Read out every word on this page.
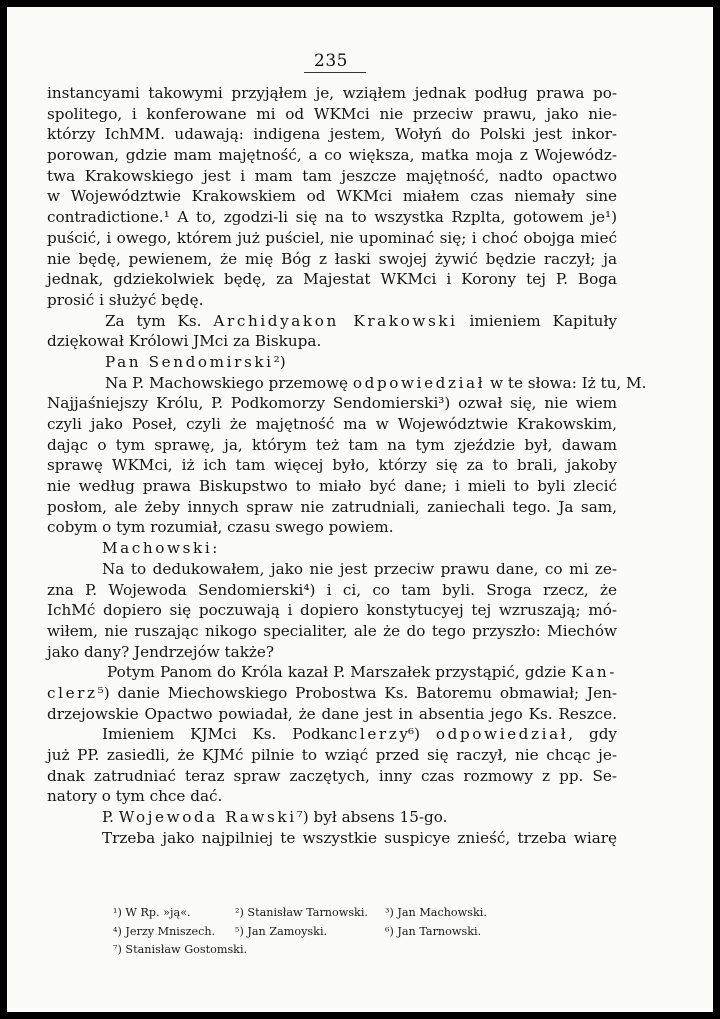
235
instancyami takowymi przyjąłem je, wziąłem jednak podług prawa po-
spolitego, i konferowane mi od WKMci nie przeciw prawu, jako nie-
którzy IchMM. udawają: indigena jestem, Wołyń do Polski jest inkor-
porowan, gdzie mam majętność, a co większa, matka moja z Wojewódz-
twa Krakowskiego jest i mam tam jeszcze majętność, nadto opactwo
w Województwie Krakowskiem od WKMci miałem czas niemały sine
contradictione.¹ A to, zgodzi-li się na to wszystka Rzplta, gotowem je¹)
puścić, i owego, którem już puściel, nie upominać się; i choć obojga mieć
nie będę, pewienem, że mię Bóg z łaski swojej żywić będzie raczył; ja
jednak, gdziekolwiek będę, za Majestat WKMci i Korony tej P. Boga
prosić i służyć będę.
Za tym Ks. Archidyakon Krakowski imieniem Kapituły
dziękował Królowi JMci za Biskupa.
Pan Sendomirski²)
Na P. Machowskiego przemowę odpowiedział w te słowa: Iż tu, M.
Najjaśniejszy Królu, P. Podkomorzy Sendomierski³) ozwał się, nie wiem
czyli jako Poseł, czyli że majętność ma w Województwie Krakowskim,
dając o tym sprawę, ja, którym też tam na tym zjeździe był, dawam
sprawę WKMci, iż ich tam więcej było, którzy się za to brali, jakoby
nie według prawa Biskupstwo to miało być dane; i mieli to byli zlecić
posłom, ale żeby innych spraw nie zatrudniali, zaniechali tego. Ja sam,
cobym o tym rozumiał, czasu swego powiem.
Machowski:
Na to dedukowałem, jako nie jest przeciw prawu dane, co mi ze-
zna P. Wojewoda Sendomierski⁴) i ci, co tam byli. Sroga rzecz, że
IchMć dopiero się poczuwają i dopiero konstytucyej tej wzruszają; mó-
wiłem, nie ruszając nikogo specialiter, ale że do tego przyszło: Miechów
jako dany? Jendrzejów także?
Potym Panom do Króla kazał P. Marszałek przystąpić, gdzie Kan-
clerz⁵) danie Miechowskiego Probostwa Ks. Batoremu obmawiał; Jen-
drzejowskie Opactwo powiadał, że dane jest in absentia jego Ks. Reszce.
Imieniem KJMci Ks. Podkanclerzy⁶) odpowiedział, gdy
już PP. zasiedli, że KJMć pilnie to wziąć przed się raczył, nie chcąc je-
dnak zatrudniać teraz spraw zaczętych, inny czas rozmowy z pp. Se-
natory o tym chce dać.
P. Wojewoda Rawski⁷) był absens 15-go.
Trzeba jako najpilniej te wszystkie suspicye znieść, trzeba wiarę
¹) W Rp. »ją«.	²) Stanisław Tarnowski. ³) Jan Machowski.
⁴) Jerzy Mniszech. ⁵) Jan Zamoyski.	⁶) Jan Tarnowski.
⁷) Stanisław Gostomski.
